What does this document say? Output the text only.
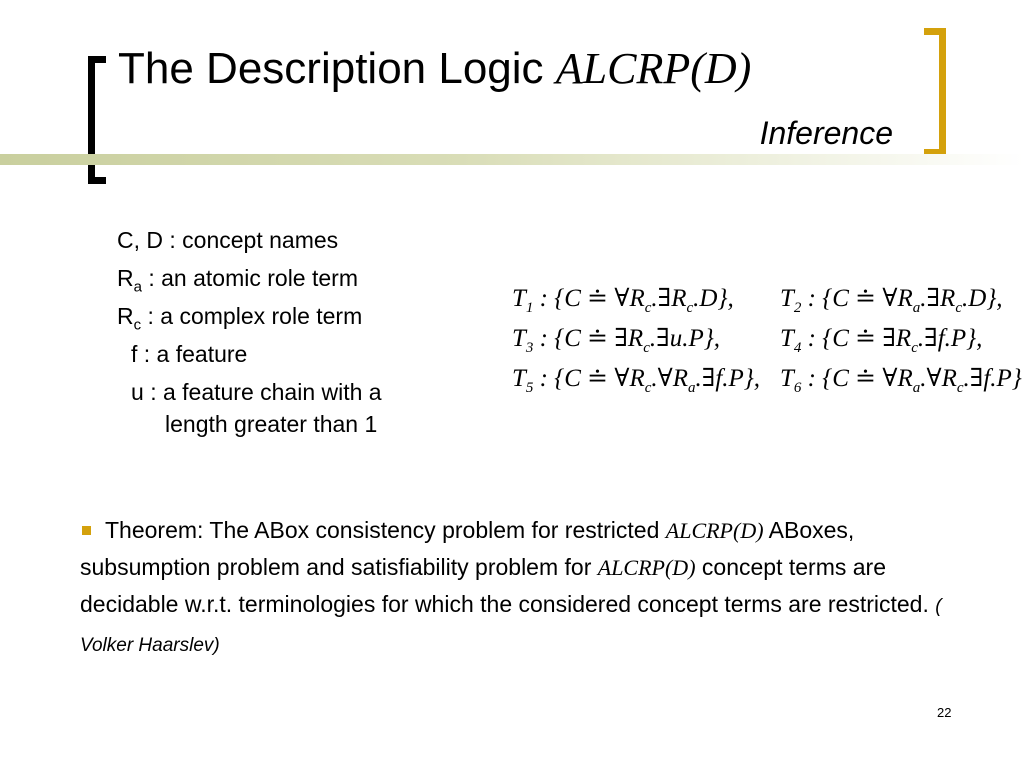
The Description Logic ALCRP(D)
Inference
C, D : concept names
$R_a$ : an atomic role term
$R_c$ : a complex role term
f : a feature
u : a feature chain with a
length greater than 1
$T_1$ : {C ≐ $\forall R_c.\exists R_c.D$}, $T_2$ : {C ≐ $\forall R_a.\exists R_c.D$},
$T_3$ : {C ≐ $\exists R_c.\exists u.P$}, $T_4$ : {C ≐ $\exists R_c.\exists f.P$},
$T_5$ : {C ≐ $\forall R_c.\forall R_a.\exists f.P$}, $T_6$ : {C ≐ $\forall R_a.\forall R_c.\exists f.P$}
Theorem: The ABox consistency problem for restricted ALCRP(D) ABoxes, subsumption problem and satisfiability problem for ALCRP(D) concept terms are decidable w.r.t. terminologies for which the considered concept terms are restricted. ( Volker Haarslev)
22
